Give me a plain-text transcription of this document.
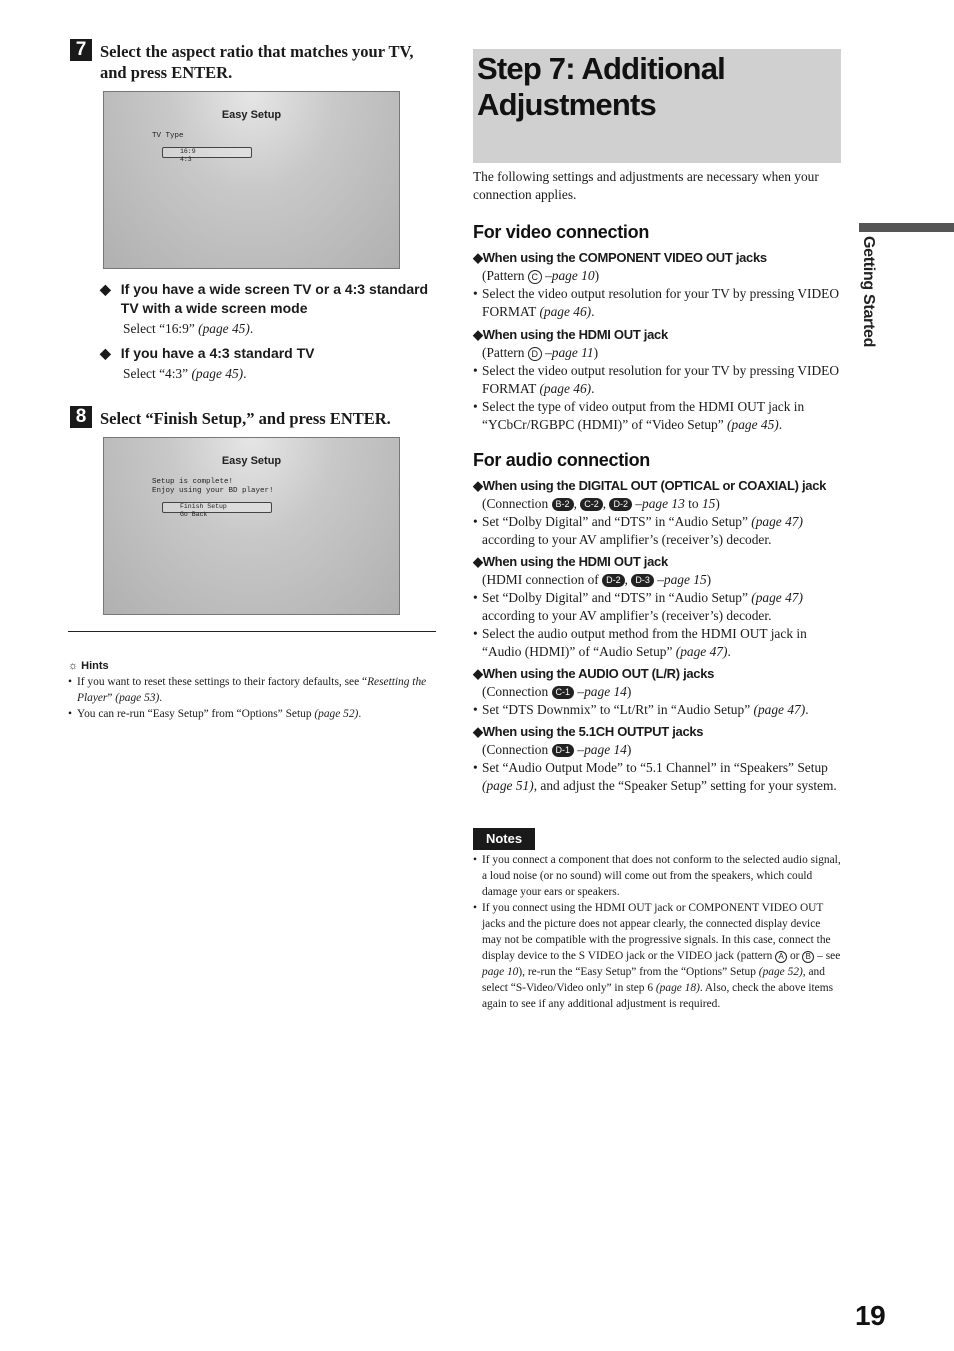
7 Select the aspect ratio that matches your TV, and press ENTER.
Easy Setup
TV Type
16:9
4:3
◆ If you have a wide screen TV or a 4:3 standard TV with a wide screen mode
Select “16:9” (page 45).
◆ If you have a 4:3 standard TV
Select “4:3” (page 45).
8 Select “Finish Setup,” and press ENTER.
Easy Setup
Setup is complete!
Enjoy using your BD player!
Finish Setup
Go Back
☼ Hints
• If you want to reset these settings to their factory defaults, see “Resetting the Player” (page 53).
• You can re-run “Easy Setup” from “Options” Setup (page 52).
Step 7: Additional Adjustments
The following settings and adjustments are necessary when your connection applies.
For video connection
◆When using the COMPONENT VIDEO OUT jacks
(Pattern C –page 10)
• Select the video output resolution for your TV by pressing VIDEO FORMAT (page 46).
◆When using the HDMI OUT jack
(Pattern D –page 11)
• Select the video output resolution for your TV by pressing VIDEO FORMAT (page 46).
• Select the type of video output from the HDMI OUT jack in “YCbCr/RGBPC (HDMI)” of “Video Setup” (page 45).
For audio connection
◆When using the DIGITAL OUT (OPTICAL or COAXIAL) jack
(Connection B-2 , C-2 , D-2 –page 13 to 15)
• Set “Dolby Digital” and “DTS” in “Audio Setup” (page 47) according to your AV amplifier’s (receiver’s) decoder.
◆When using the HDMI OUT jack
(HDMI connection of D-2 , D-3 –page 15)
• Set “Dolby Digital” and “DTS” in “Audio Setup” (page 47) according to your AV amplifier’s (receiver’s) decoder.
• Select the audio output method from the HDMI OUT jack in “Audio (HDMI)” of “Audio Setup” (page 47).
◆When using the AUDIO OUT (L/R) jacks
(Connection C-1 –page 14)
• Set “DTS Downmix” to “Lt/Rt” in “Audio Setup” (page 47).
◆When using the 5.1CH OUTPUT jacks
(Connection D-1 –page 14)
• Set “Audio Output Mode” to “5.1 Channel” in “Speakers” Setup (page 51), and adjust the “Speaker Setup” setting for your system.
Notes
• If you connect a component that does not conform to the selected audio signal, a loud noise (or no sound) will come out from the speakers, which could damage your ears or speakers.
• If you connect using the HDMI OUT jack or COMPONENT VIDEO OUT jacks and the picture does not appear clearly, the connected display device may not be compatible with the progressive signals. In this case, connect the display device to the S VIDEO jack or the VIDEO jack (pattern A or B – see page 10), re-run the “Easy Setup” from the “Options” Setup (page 52), and select “S-Video/Video only” in step 6 (page 18). Also, check the above items again to see if any additional adjustment is required.
Getting Started
19
